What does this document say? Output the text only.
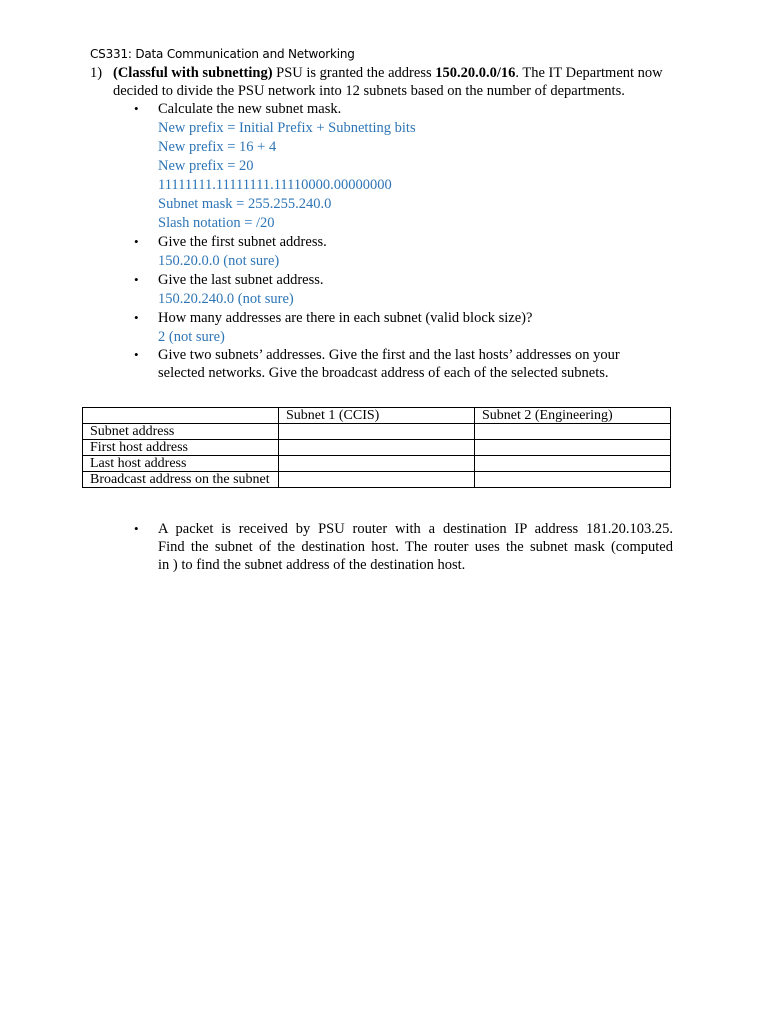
CS331: Data Communication and Networking
1) (Classful with subnetting) PSU is granted the address 150.20.0.0/16. The IT Department now
decided to divide the PSU network into 12 subnets based on the number of departments.
• Calculate the new subnet mask.
New prefix = Initial Prefix + Subnetting bits
New prefix = 16 + 4
New prefix = 20
11111111.11111111.11110000.00000000
Subnet mask = 255.255.240.0
Slash notation = /20
• Give the first subnet address.
150.20.0.0 (not sure)
• Give the last subnet address.
150.20.240.0 (not sure)
• How many addresses are there in each subnet (valid block size)?
2 (not sure)
• Give two subnets’ addresses. Give the first and the last hosts’ addresses on your
selected networks. Give the broadcast address of each of the selected subnets.
	Subnet 1 (CCIS)	Subnet 2 (Engineering)
Subnet address		
First host address		
Last host address		
Broadcast address on the subnet		
• A packet is received by PSU router with a destination IP address 181.20.103.25.
Find the subnet of the destination host. The router uses the subnet mask (computed
in ) to find the subnet address of the destination host.
